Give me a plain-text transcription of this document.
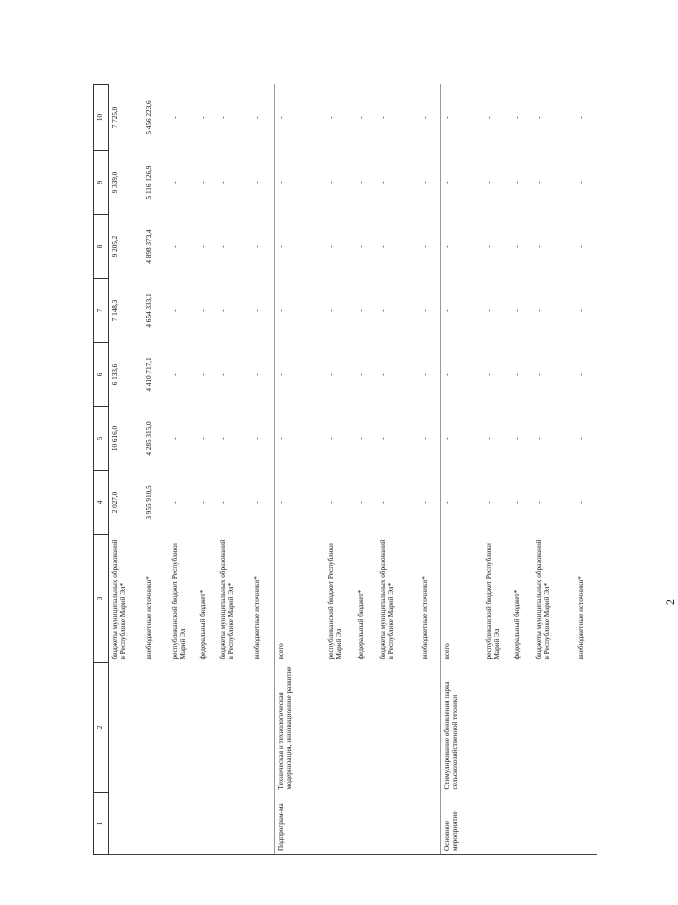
2
1	2	3	4	5	6	7	8	9	10
		бюджеты муниципальных образований в Республике Марий Эл*	2 027,0	10 616,0	6 133,6	7 148,3	9 205,2	9 339,0	7 725,0
		внебюджетные источники*	3 955 910,5	4 285 315,0	4 410 717,1	4 654 333,1	4 898 373,4	5 116 126,9	5 456 223,6
		республиканский бюджет Республики Марий Эл	-	-	-	-	-	-	-
		федеральный бюджет*	-	-	-	-	-	-	-
		бюджеты муниципальных образований в Республике Марий Эл*	-	-	-	-	-	-	-
		внебюджетные источники*	-	-	-	-	-	-	-
Подпрограм-ма	Техническая и технологическая модернизация, инновационное развитие	всего	-	-	-	-	-	-	-
		республиканский бюджет Республики Марий Эл	-	-	-	-	-	-	-
		федеральный бюджет*	-	-	-	-	-	-	-
		бюджеты муниципальных образований в Республике Марий Эл*	-	-	-	-	-	-	-
		внебюджетные источники*	-	-	-	-	-	-	-
Основное мероприятие	Стимулирование обновления парка сельскохозяйственной техники	всего	-	-	-	-	-	-	-
		республиканский бюджет Республики Марий Эл	-	-	-	-	-	-	-
		федеральный бюджет*	-	-	-	-	-	-	-
		бюджеты муниципальных образований в Республике Марий Эл*	-	-	-	-	-	-	-
		внебюджетные источники*	-	-	-	-	-	-	-
